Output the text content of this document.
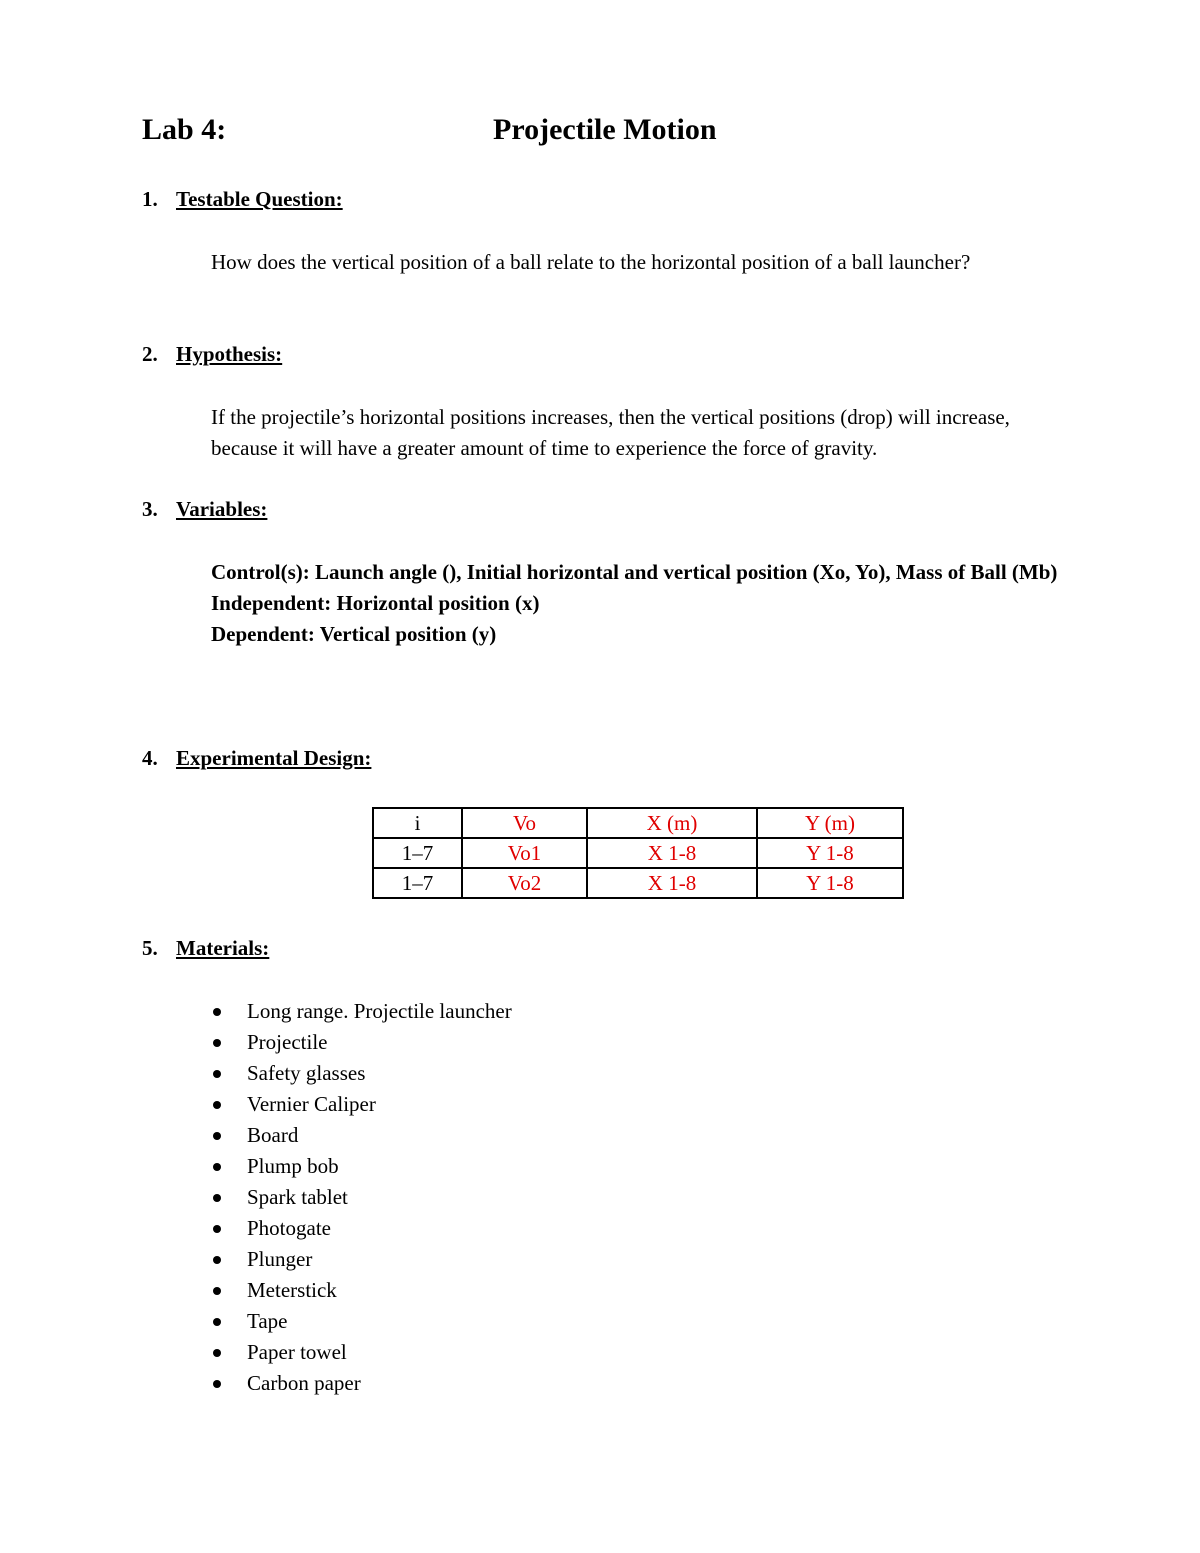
Lab 4:	Projectile Motion
1. Testable Question:
How does the vertical position of a ball relate to the horizontal position of a ball launcher?
2. Hypothesis:
If the projectile’s horizontal positions increases, then the vertical positions (drop) will increase, because it will have a greater amount of time to experience the force of gravity.
3. Variables:
Control(s): Launch angle (), Initial horizontal and vertical position (Xo, Yo), Mass of Ball (Mb)
Independent: Horizontal position (x)
Dependent: Vertical position (y)
4. Experimental Design:
i	Vo	X (m)	Y (m)
1–7	Vo1	X 1-8	Y 1-8
1–7	Vo2	X 1-8	Y 1-8
5. Materials:
Long range. Projectile launcher
Projectile
Safety glasses
Vernier Caliper
Board
Plump bob
Spark tablet
Photogate
Plunger
Meterstick
Tape
Paper towel
Carbon paper
